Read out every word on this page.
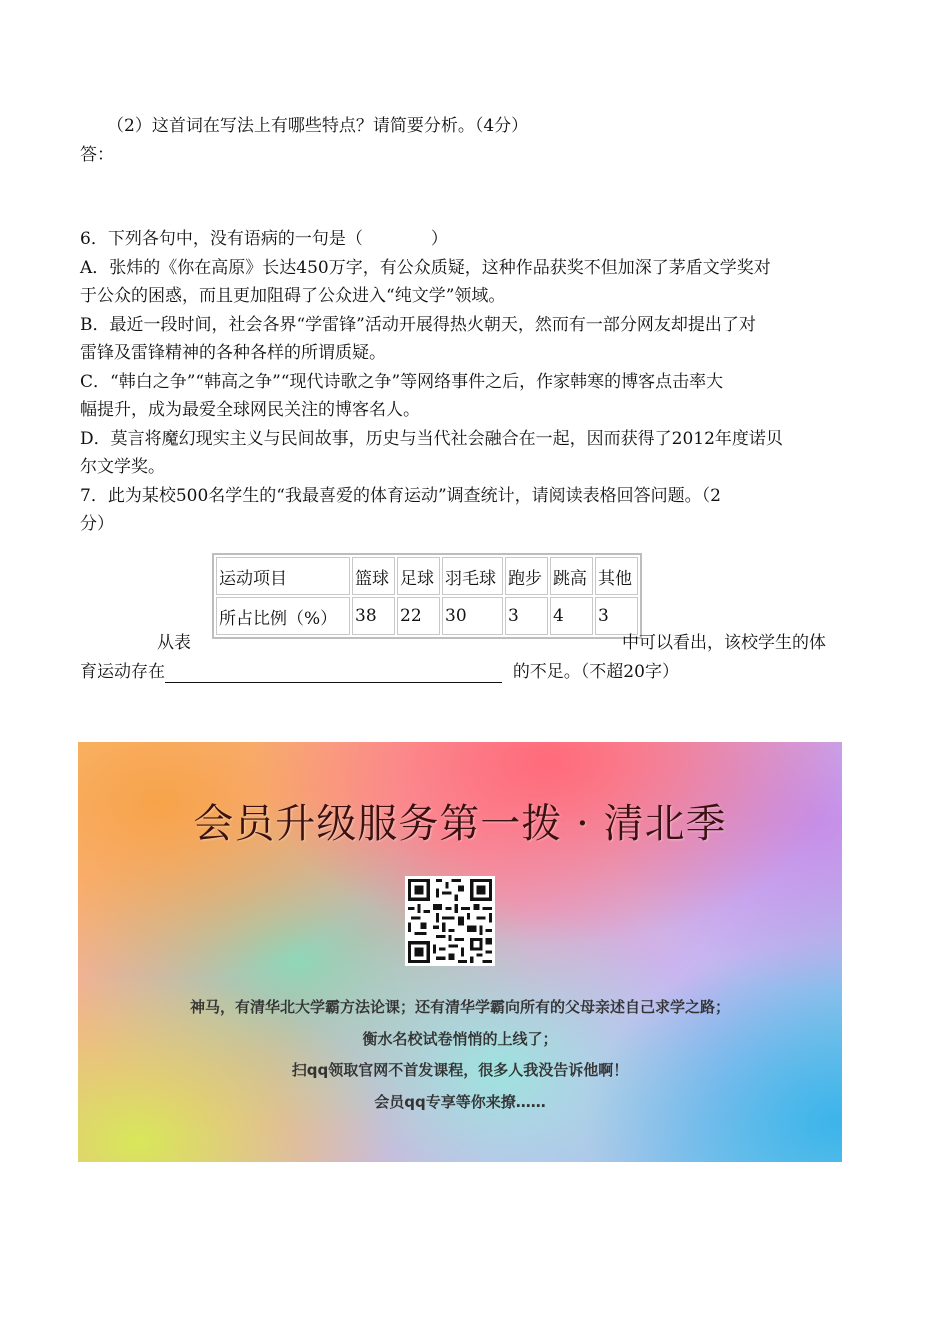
（2）这首词在写法上有哪些特点？请简要分析。（4分）
答：
6．下列各句中，没有语病的一句是（　　　　）
A．张炜的《你在高原》长达450万字，有公众质疑，这种作品获奖不但加深了茅盾文学奖对
于公众的困惑，而且更加阻碍了公众进入“纯文学”领域。
B．最近一段时间，社会各界“学雷锋”活动开展得热火朝天，然而有一部分网友却提出了对
雷锋及雷锋精神的各种各样的所谓质疑。
C．“韩白之争”“韩高之争”“现代诗歌之争”等网络事件之后，作家韩寒的博客点击率大
幅提升，成为最爱全球网民关注的博客名人。
D．莫言将魔幻现实主义与民间故事，历史与当代社会融合在一起，因而获得了2012年度诺贝
尔文学奖。
7．此为某校500名学生的“我最喜爱的体育运动”调查统计，请阅读表格回答问题。（2
分）
运动项目	篮球	足球	羽毛球	跑步	跳高	其他
所占比例（%）	38	22	30	3	4	3
从表	中可以看出，该校学生的体
育运动存在	的不足。（不超20字）
会员升级服务第一拨 · 清北季
神马，有清华北大学霸方法论课；还有清华学霸向所有的父母亲述自己求学之路；
衡水名校试卷悄悄的上线了；
扫qq领取官网不首发课程，很多人我没告诉他啊！
会员qq专享等你来撩……
